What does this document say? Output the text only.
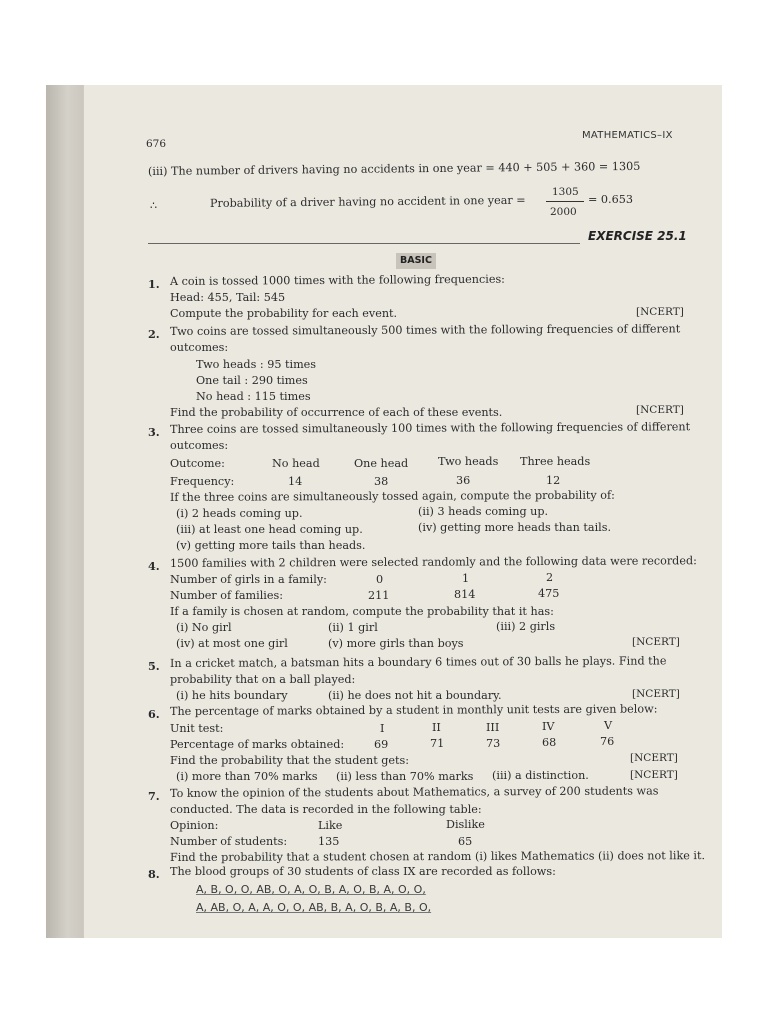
676
MATHEMATICS–IX
(iii) The number of drivers having no accidents in one year = 440 + 505 + 360 = 1305
∴	Probability of a driver having no accident in one year =
1305
2000
= 0.653
EXERCISE 25.1
BASIC
1. A coin is tossed 1000 times with the following frequencies:
Head: 455, Tail: 545
Compute the probability for each event.	[NCERT]
2. Two coins are tossed simultaneously 500 times with the following frequencies of different
outcomes:
Two heads : 95 times
One tail : 290 times
No head : 115 times
Find the probability of occurrence of each of these events.	[NCERT]
3. Three coins are tossed simultaneously 100 times with the following frequencies of different
outcomes:
Outcome:	No head	One head	Two heads Three heads
Frequency:	14	38	36	12
If the three coins are simultaneously tossed again, compute the probability of:
(i) 2 heads coming up.	(ii) 3 heads coming up.
(iii) at least one head coming up.	(iv) getting more heads than tails.
(v) getting more tails than heads.
4. 1500 families with 2 children were selected randomly and the following data were recorded:
Number of girls in a family:	0	1	2
Number of families:	211	814	475
If a family is chosen at random, compute the probability that it has:
(i) No girl	(ii) 1 girl	(iii) 2 girls
(iv) at most one girl	(v) more girls than boys	[NCERT]
5. In a cricket match, a batsman hits a boundary 6 times out of 30 balls he plays. Find the
probability that on a ball played:
(i) he hits boundary	(ii) he does not hit a boundary.	[NCERT]
6. The percentage of marks obtained by a student in monthly unit tests are given below:
Unit test:	I	II	III	IV	V
Percentage of marks obtained:	69	71	73	68	76
Find the probability that the student gets:	[NCERT]
(i) more than 70% marks (ii) less than 70% marks (iii) a distinction.	[NCERT]
7. To know the opinion of the students about Mathematics, a survey of 200 students was
conducted. The data is recorded in the following table:
Opinion:	Like	Dislike
Number of students:	135	65
Find the probability that a student chosen at random (i) likes Mathematics (ii) does not like it.
8. The blood groups of 30 students of class IX are recorded as follows:
A, B, O, O, AB, O, A, O, B, A, O, B, A, O, O,
A, AB, O, A, A, O, O, AB, B, A, O, B, A, B, O,
